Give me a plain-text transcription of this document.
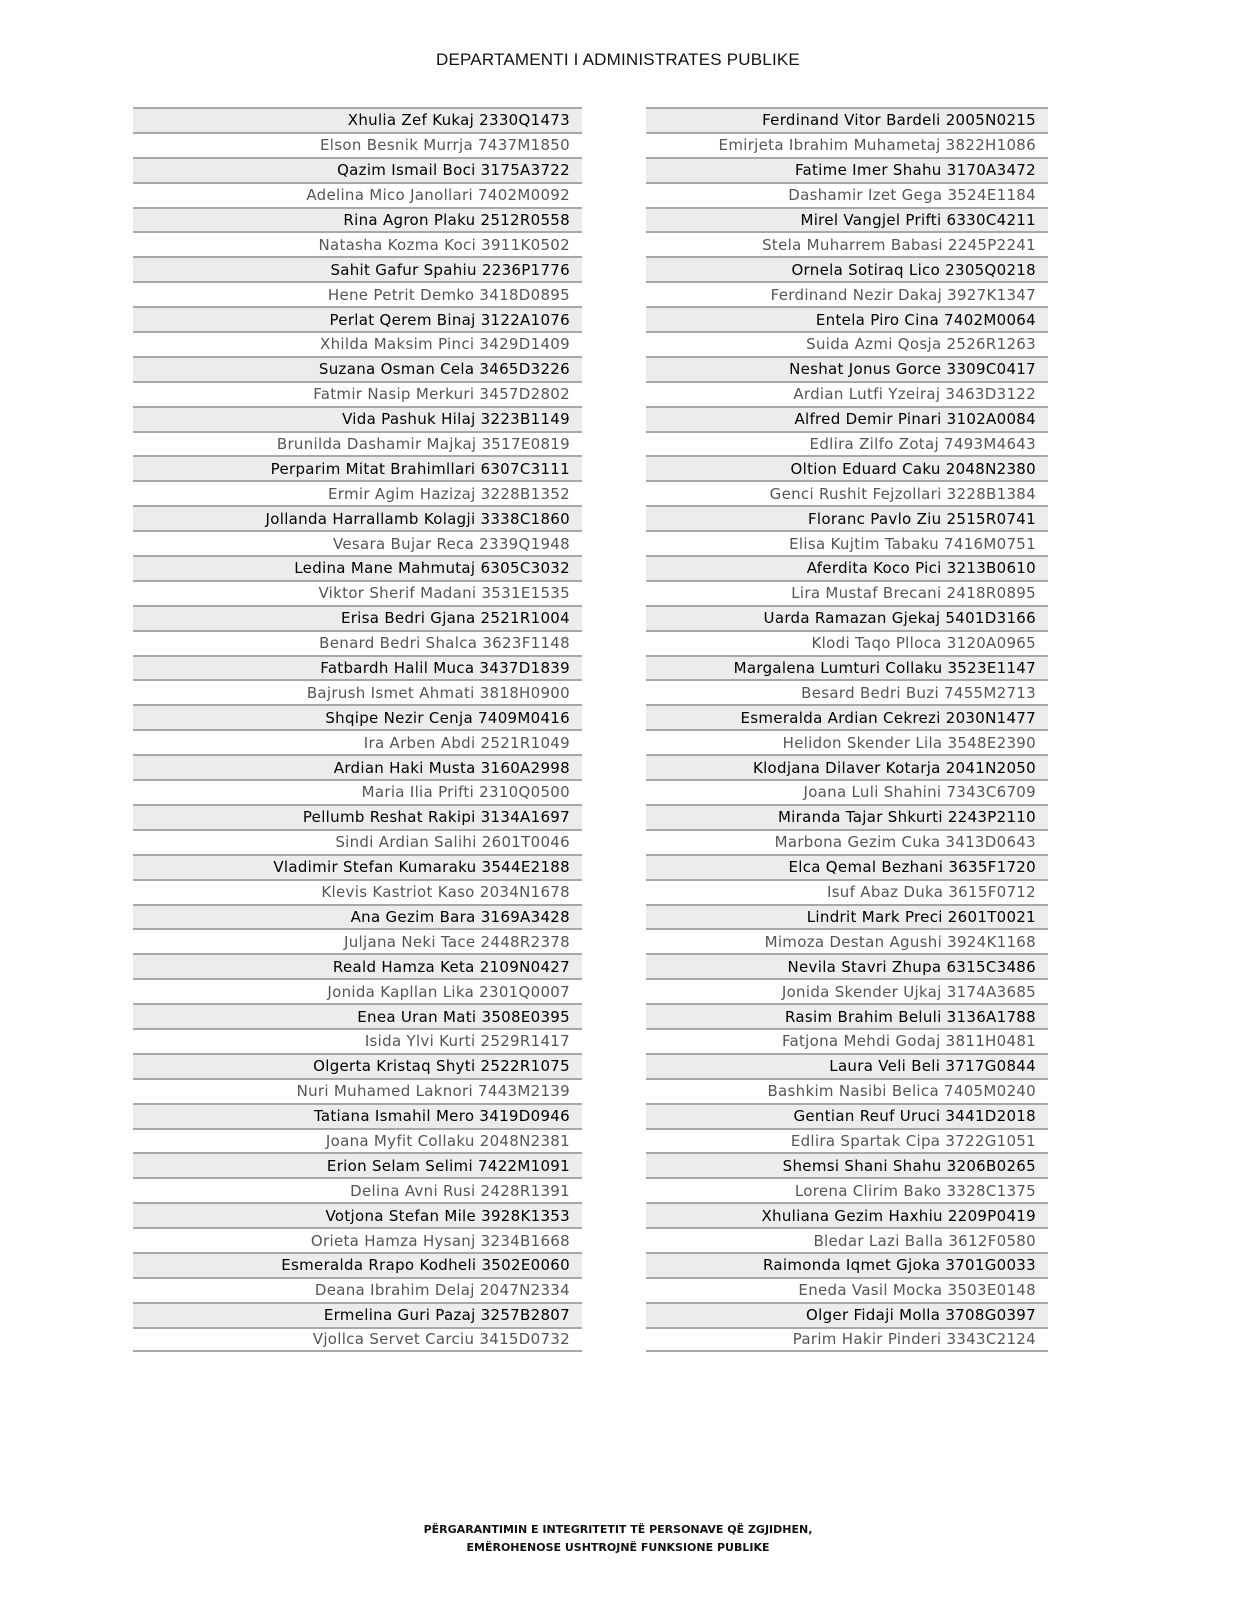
DEPARTAMENTI I ADMINISTRATES PUBLIKE
Xhulia Zef Kukaj 2330Q1473
Elson Besnik Murrja 7437M1850
Qazim Ismail Boci 3175A3722
Adelina Mico Janollari 7402M0092
Rina Agron Plaku 2512R0558
Natasha Kozma Koci 3911K0502
Sahit Gafur Spahiu 2236P1776
Hene Petrit Demko 3418D0895
Perlat Qerem Binaj 3122A1076
Xhilda Maksim Pinci 3429D1409
Suzana Osman Cela 3465D3226
Fatmir Nasip Merkuri 3457D2802
Vida Pashuk Hilaj 3223B1149
Brunilda Dashamir Majkaj 3517E0819
Perparim Mitat Brahimllari 6307C3111
Ermir Agim Hazizaj 3228B1352
Jollanda Harrallamb Kolagji 3338C1860
Vesara Bujar Reca 2339Q1948
Ledina Mane Mahmutaj 6305C3032
Viktor Sherif Madani 3531E1535
Erisa Bedri Gjana 2521R1004
Benard Bedri Shalca 3623F1148
Fatbardh Halil Muca 3437D1839
Bajrush Ismet Ahmati 3818H0900
Shqipe Nezir Cenja 7409M0416
Ira Arben Abdi 2521R1049
Ardian Haki Musta 3160A2998
Maria Ilia Prifti 2310Q0500
Pellumb Reshat Rakipi 3134A1697
Sindi Ardian Salihi 2601T0046
Vladimir Stefan Kumaraku 3544E2188
Klevis Kastriot Kaso 2034N1678
Ana Gezim Bara 3169A3428
Juljana Neki Tace 2448R2378
Reald Hamza Keta 2109N0427
Jonida Kapllan Lika 2301Q0007
Enea Uran Mati 3508E0395
Isida Ylvi Kurti 2529R1417
Olgerta Kristaq Shyti 2522R1075
Nuri Muhamed Laknori 7443M2139
Tatiana Ismahil Mero 3419D0946
Joana Myfit Collaku 2048N2381
Erion Selam Selimi 7422M1091
Delina Avni Rusi 2428R1391
Votjona Stefan Mile 3928K1353
Orieta Hamza Hysanj 3234B1668
Esmeralda Rrapo Kodheli 3502E0060
Deana Ibrahim Delaj 2047N2334
Ermelina Guri Pazaj 3257B2807
Vjollca Servet Carciu 3415D0732
Ferdinand Vitor Bardeli 2005N0215
Emirjeta Ibrahim Muhametaj 3822H1086
Fatime Imer Shahu 3170A3472
Dashamir Izet Gega 3524E1184
Mirel Vangjel Prifti 6330C4211
Stela Muharrem Babasi 2245P2241
Ornela Sotiraq Lico 2305Q0218
Ferdinand Nezir Dakaj 3927K1347
Entela Piro Cina 7402M0064
Suida Azmi Qosja 2526R1263
Neshat Jonus Gorce 3309C0417
Ardian Lutfi Yzeiraj 3463D3122
Alfred Demir Pinari 3102A0084
Edlira Zilfo Zotaj 7493M4643
Oltion Eduard Caku 2048N2380
Genci Rushit Fejzollari 3228B1384
Floranc Pavlo Ziu 2515R0741
Elisa Kujtim Tabaku 7416M0751
Aferdita Koco Pici 3213B0610
Lira Mustaf Brecani 2418R0895
Uarda Ramazan Gjekaj 5401D3166
Klodi Taqo Plloca 3120A0965
Margalena Lumturi Collaku 3523E1147
Besard Bedri Buzi 7455M2713
Esmeralda Ardian Cekrezi 2030N1477
Helidon Skender Lila 3548E2390
Klodjana Dilaver Kotarja 2041N2050
Joana Luli Shahini 7343C6709
Miranda Tajar Shkurti 2243P2110
Marbona Gezim Cuka 3413D0643
Elca Qemal Bezhani 3635F1720
Isuf Abaz Duka 3615F0712
Lindrit Mark Preci 2601T0021
Mimoza Destan Agushi 3924K1168
Nevila Stavri Zhupa 6315C3486
Jonida Skender Ujkaj 3174A3685
Rasim Brahim Beluli 3136A1788
Fatjona Mehdi Godaj 3811H0481
Laura Veli Beli 3717G0844
Bashkim Nasibi Belica 7405M0240
Gentian Reuf Uruci 3441D2018
Edlira Spartak Cipa 3722G1051
Shemsi Shani Shahu 3206B0265
Lorena Clirim Bako 3328C1375
Xhuliana Gezim Haxhiu 2209P0419
Bledar Lazi Balla 3612F0580
Raimonda Iqmet Gjoka 3701G0033
Eneda Vasil Mocka 3503E0148
Olger Fidaji Molla 3708G0397
Parim Hakir Pinderi 3343C2124
PËRGARANTIMIN E INTEGRITETIT TË PERSONAVE QË ZGJIDHEN,
EMËROHENOSE USHTROJNË FUNKSIONE PUBLIKE
